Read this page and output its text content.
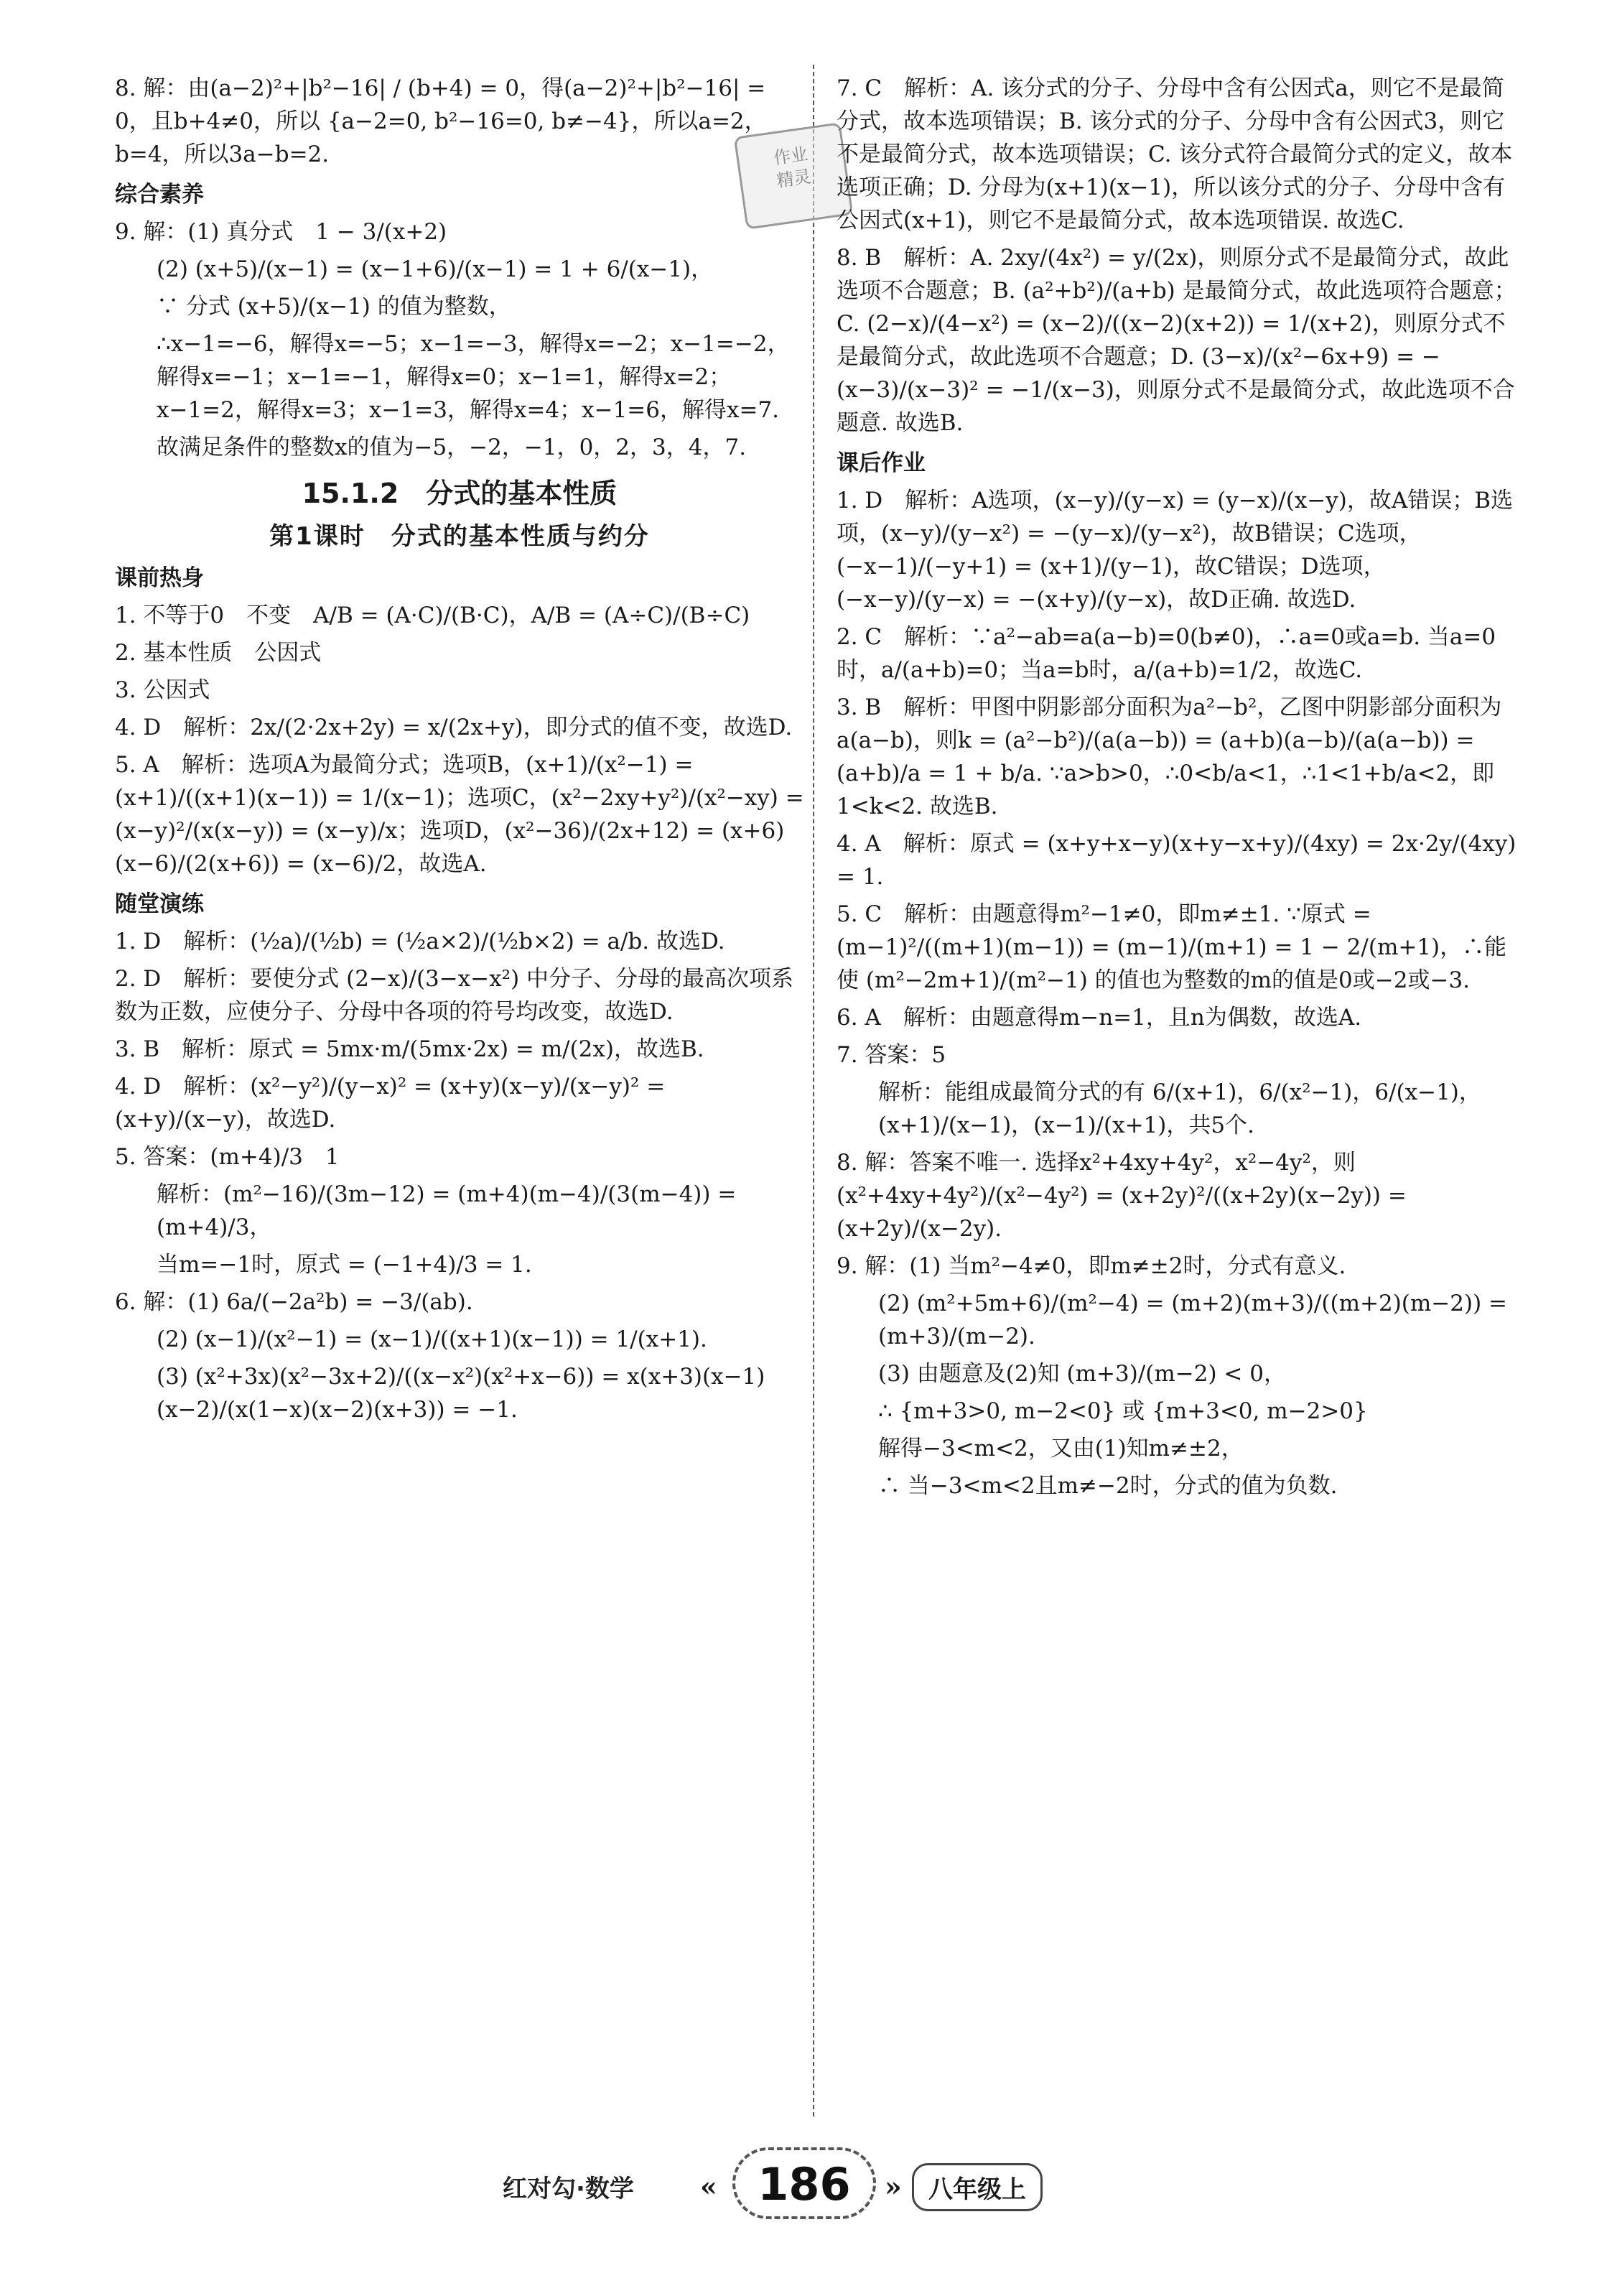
作业
精灵
8. 解：由(a−2)²+|b²−16| / (b+4) = 0，得(a−2)²+|b²−16| = 0，且b+4≠0，所以 {a−2=0, b²−16=0, b≠−4}，所以a=2，b=4，所以3a−b=2.
综合素养
9. 解：(1) 真分式　1 − 3/(x+2)
(2) (x+5)/(x−1) = (x−1+6)/(x−1) = 1 + 6/(x−1)，
∵ 分式 (x+5)/(x−1) 的值为整数，
∴x−1=−6，解得x=−5；x−1=−3，解得x=−2；x−1=−2，解得x=−1；x−1=−1，解得x=0；x−1=1，解得x=2；x−1=2，解得x=3；x−1=3，解得x=4；x−1=6，解得x=7.
故满足条件的整数x的值为−5，−2，−1，0，2，3，4，7.
15.1.2　分式的基本性质
第1课时　分式的基本性质与约分
课前热身
1. 不等于0　不变　A/B = (A·C)/(B·C)，A/B = (A÷C)/(B÷C)
2. 基本性质　公因式
3. 公因式
4. D　解析：2x/(2·2x+2y) = x/(2x+y)，即分式的值不变，故选D.
5. A　解析：选项A为最简分式；选项B，(x+1)/(x²−1) = (x+1)/((x+1)(x−1)) = 1/(x−1)；选项C，(x²−2xy+y²)/(x²−xy) = (x−y)²/(x(x−y)) = (x−y)/x；选项D，(x²−36)/(2x+12) = (x+6)(x−6)/(2(x+6)) = (x−6)/2，故选A.
随堂演练
1. D　解析：(½a)/(½b) = (½a×2)/(½b×2) = a/b. 故选D.
2. D　解析：要使分式 (2−x)/(3−x−x²) 中分子、分母的最高次项系数为正数，应使分子、分母中各项的符号均改变，故选D.
3. B　解析：原式 = 5mx·m/(5mx·2x) = m/(2x)，故选B.
4. D　解析：(x²−y²)/(y−x)² = (x+y)(x−y)/(x−y)² = (x+y)/(x−y)，故选D.
5. 答案：(m+4)/3　1
解析：(m²−16)/(3m−12) = (m+4)(m−4)/(3(m−4)) = (m+4)/3，
当m=−1时，原式 = (−1+4)/3 = 1.
6. 解：(1) 6a/(−2a²b) = −3/(ab).
(2) (x−1)/(x²−1) = (x−1)/((x+1)(x−1)) = 1/(x+1).
(3) (x²+3x)(x²−3x+2)/((x−x²)(x²+x−6)) = x(x+3)(x−1)(x−2)/(x(1−x)(x−2)(x+3)) = −1.
7. C　解析：A. 该分式的分子、分母中含有公因式a，则它不是最简分式，故本选项错误；B. 该分式的分子、分母中含有公因式3，则它不是最简分式，故本选项错误；C. 该分式符合最简分式的定义，故本选项正确；D. 分母为(x+1)(x−1)，所以该分式的分子、分母中含有公因式(x+1)，则它不是最简分式，故本选项错误. 故选C.
8. B　解析：A. 2xy/(4x²) = y/(2x)，则原分式不是最简分式，故此选项不合题意；B. (a²+b²)/(a+b) 是最简分式，故此选项符合题意；C. (2−x)/(4−x²) = (x−2)/((x−2)(x+2)) = 1/(x+2)，则原分式不是最简分式，故此选项不合题意；D. (3−x)/(x²−6x+9) = −(x−3)/(x−3)² = −1/(x−3)，则原分式不是最简分式，故此选项不合题意. 故选B.
课后作业
1. D　解析：A选项，(x−y)/(y−x) = (y−x)/(x−y)，故A错误；B选项，(x−y)/(y−x²) = −(y−x)/(y−x²)，故B错误；C选项，(−x−1)/(−y+1) = (x+1)/(y−1)，故C错误；D选项，(−x−y)/(y−x) = −(x+y)/(y−x)，故D正确. 故选D.
2. C　解析：∵a²−ab=a(a−b)=0(b≠0)，∴a=0或a=b. 当a=0时，a/(a+b)=0；当a=b时，a/(a+b)=1/2，故选C.
3. B　解析：甲图中阴影部分面积为a²−b²，乙图中阴影部分面积为a(a−b)，则k = (a²−b²)/(a(a−b)) = (a+b)(a−b)/(a(a−b)) = (a+b)/a = 1 + b/a. ∵a>b>0，∴0<b/a<1，∴1<1+b/a<2，即1<k<2. 故选B.
4. A　解析：原式 = (x+y+x−y)(x+y−x+y)/(4xy) = 2x·2y/(4xy) = 1.
5. C　解析：由题意得m²−1≠0，即m≠±1. ∵原式 = (m−1)²/((m+1)(m−1)) = (m−1)/(m+1) = 1 − 2/(m+1)，∴能使 (m²−2m+1)/(m²−1) 的值也为整数的m的值是0或−2或−3.
6. A　解析：由题意得m−n=1，且n为偶数，故选A.
7. 答案：5
解析：能组成最简分式的有 6/(x+1)，6/(x²−1)，6/(x−1)，(x+1)/(x−1)，(x−1)/(x+1)，共5个.
8. 解：答案不唯一. 选择x²+4xy+4y²，x²−4y²，则 (x²+4xy+4y²)/(x²−4y²) = (x+2y)²/((x+2y)(x−2y)) = (x+2y)/(x−2y).
9. 解：(1) 当m²−4≠0，即m≠±2时，分式有意义.
(2) (m²+5m+6)/(m²−4) = (m+2)(m+3)/((m+2)(m−2)) = (m+3)/(m−2).
(3) 由题意及(2)知 (m+3)/(m−2) < 0，
∴ {m+3>0, m−2<0} 或 {m+3<0, m−2>0}
解得−3<m<2，又由(1)知m≠±2，
∴ 当−3<m<2且m≠−2时，分式的值为负数.
红对勾·数学 « 186	»	八年级上
